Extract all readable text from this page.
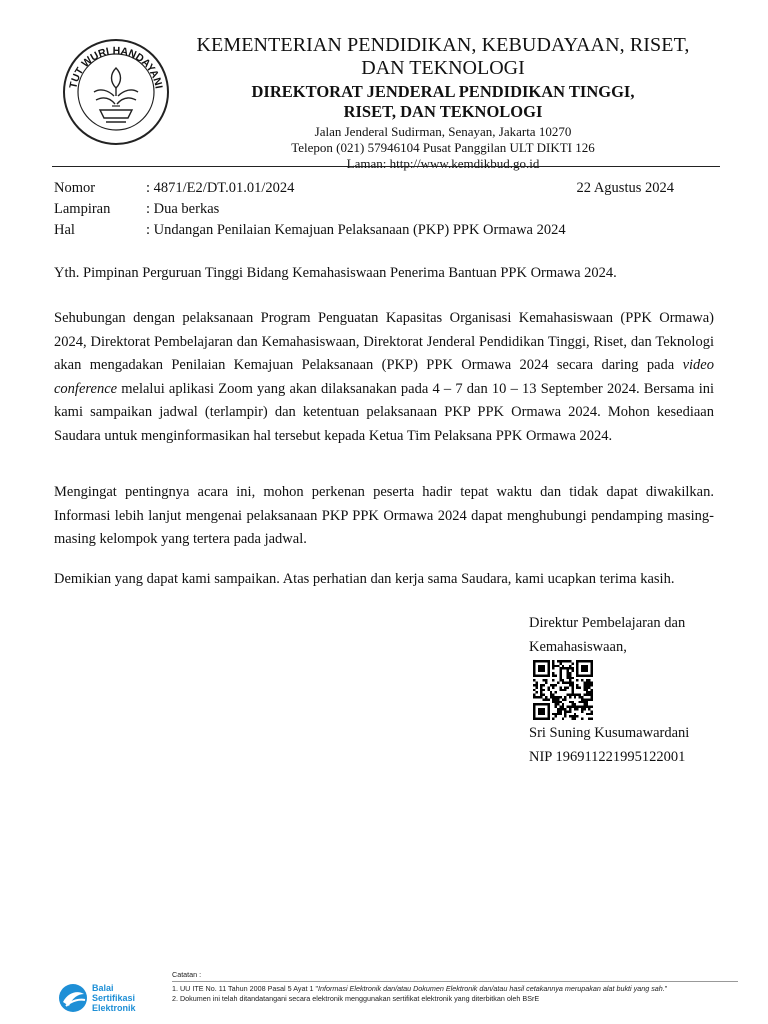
TUT WURI HANDAYANI
KEMENTERIAN PENDIDIKAN, KEBUDAYAAN, RISET,
DAN TEKNOLOGI
DIREKTORAT JENDERAL PENDIDIKAN TINGGI,
RISET, DAN TEKNOLOGI
Jalan Jenderal Sudirman, Senayan, Jakarta 10270
Telepon (021) 57946104 Pusat Panggilan ULT DIKTI 126
Laman: http://www.kemdikbud.go.id
Nomor	: 4871/E2/DT.01.01/2024	22 Agustus 2024
Lampiran : Dua berkas
Hal	: Undangan Penilaian Kemajuan Pelaksanaan (PKP) PPK Ormawa 2024
Yth. Pimpinan Perguruan Tinggi Bidang Kemahasiswaan Penerima Bantuan PPK Ormawa 2024.
Sehubungan dengan pelaksanaan Program Penguatan Kapasitas Organisasi Kemahasiswaan (PPK Ormawa) 2024, Direktorat Pembelajaran dan Kemahasiswaan, Direktorat Jenderal Pendidikan Tinggi, Riset, dan Teknologi akan mengadakan Penilaian Kemajuan Pelaksanaan (PKP) PPK Ormawa 2024 secara daring pada video conference melalui aplikasi Zoom yang akan dilaksanakan pada 4 – 7 dan 10 – 13 September 2024. Bersama ini kami sampaikan jadwal (terlampir) dan ketentuan pelaksanaan PKP PPK Ormawa 2024. Mohon kesediaan Saudara untuk menginformasikan hal tersebut kepada Ketua Tim Pelaksana PPK Ormawa 2024.
Mengingat pentingnya acara ini, mohon perkenan peserta hadir tepat waktu dan tidak dapat diwakilkan. Informasi lebih lanjut mengenai pelaksanaan PKP PPK Ormawa 2024 dapat menghubungi pendamping masing-masing kelompok yang tertera pada jadwal.
Demikian yang dapat kami sampaikan. Atas perhatian dan kerja sama Saudara, kami ucapkan terima kasih.
Direktur Pembelajaran dan
Kemahasiswaan,
Sri Suning Kusumawardani
NIP 196911221995122001
Balai
Sertifikasi
Elektronik
Catatan :
1. UU ITE No. 11 Tahun 2008 Pasal 5 Ayat 1 "Informasi Elektronik dan/atau Dokumen Elektronik dan/atau hasil cetakannya merupakan alat bukti yang sah."
2. Dokumen ini telah ditandatangani secara elektronik menggunakan sertifikat elektronik yang diterbitkan oleh BSrE
